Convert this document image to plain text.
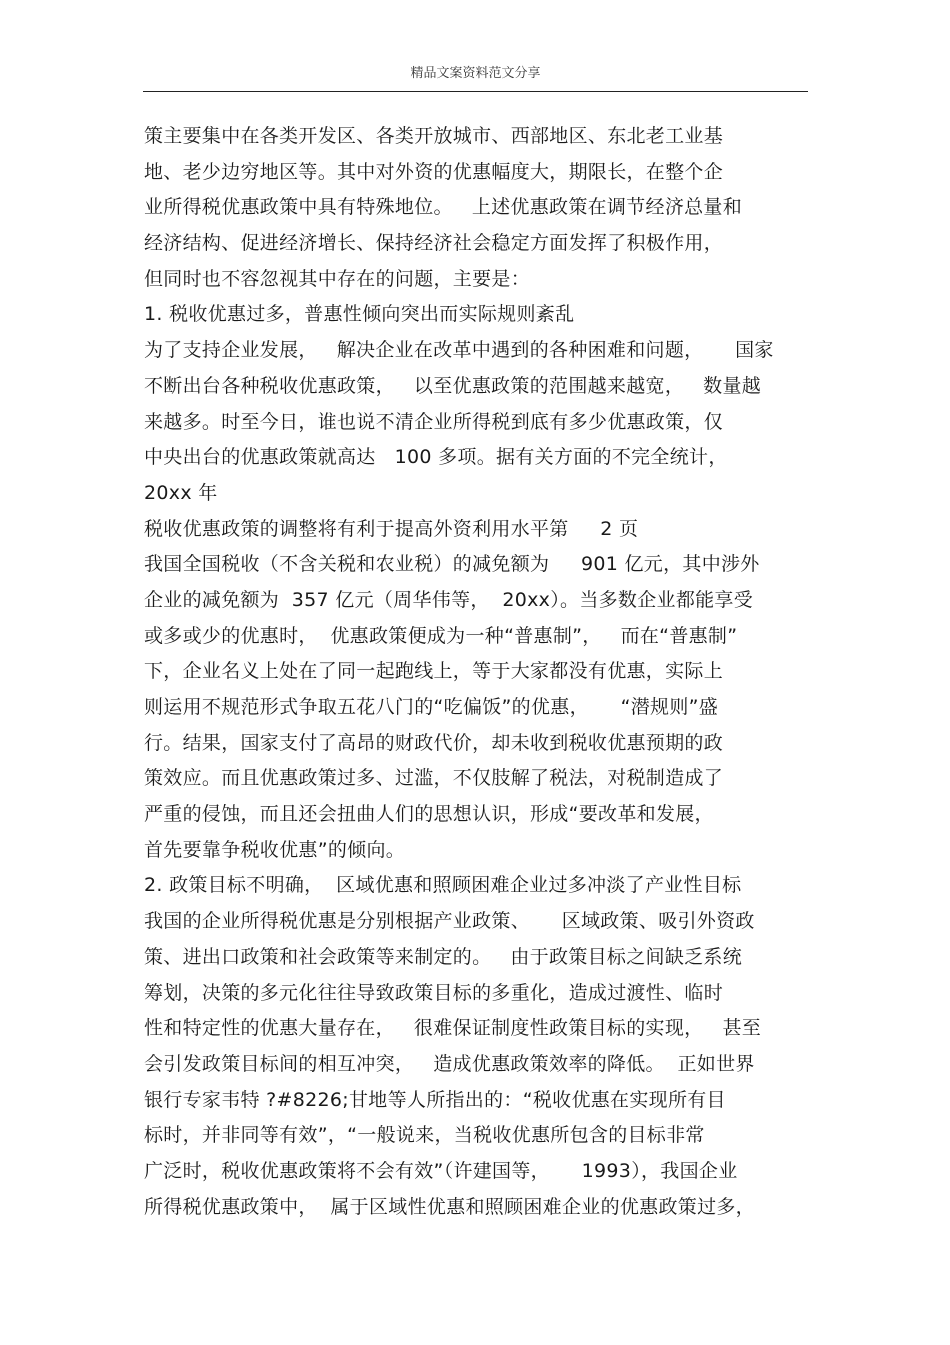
精品文案资料范文分享
策主要集中在各类开发区、各类开放城市、西部地区、东北老工业基
地、老少边穷地区等。其中对外资的优惠幅度大，期限长，在整个企
业所得税优惠政策中具有特殊地位。   上述优惠政策在调节经济总量和
经济结构、促进经济增长、保持经济社会稳定方面发挥了积极作用，
但同时也不容忽视其中存在的问题，主要是：
1. 税收优惠过多，普惠性倾向突出而实际规则紊乱
为了支持企业发展，   解决企业在改革中遇到的各种困难和问题，     国家
不断出台各种税收优惠政策，   以至优惠政策的范围越来越宽，   数量越
来越多。时至今日，谁也说不清企业所得税到底有多少优惠政策，仅
中央出台的优惠政策就高达   100 多项。据有关方面的不完全统计，
20xx 年
税收优惠政策的调整将有利于提高外资利用水平第     2 页
我国全国税收（不含关税和农业税）的减免额为     901 亿元，其中涉外
企业的减免额为  357 亿元（周华伟等，  20xx）。当多数企业都能享受
或多或少的优惠时，  优惠政策便成为一种“普惠制”，   而在“普惠制”
下，企业名义上处在了同一起跑线上，等于大家都没有优惠，实际上
则运用不规范形式争取五花八门的“吃偏饭”的优惠，     “潜规则”盛
行。结果，国家支付了高昂的财政代价，却未收到税收优惠预期的政
策效应。而且优惠政策过多、过滥，不仅肢解了税法，对税制造成了
严重的侵蚀，而且还会扭曲人们的思想认识，形成“要改革和发展，
首先要靠争税收优惠”的倾向。
2. 政策目标不明确，  区域优惠和照顾困难企业过多冲淡了产业性目标
我国的企业所得税优惠是分别根据产业政策、     区域政策、吸引外资政
策、进出口政策和社会政策等来制定的。   由于政策目标之间缺乏系统
筹划，决策的多元化往往导致政策目标的多重化，造成过渡性、临时
性和特定性的优惠大量存在，   很难保证制度性政策目标的实现，   甚至
会引发政策目标间的相互冲突，   造成优惠政策效率的降低。  正如世界
银行专家韦特 ?#8226;甘地等人所指出的：“税收优惠在实现所有目
标时，并非同等有效”，“一般说来，当税收优惠所包含的目标非常
广泛时，税收优惠政策将不会有效”（许建国等，     1993），我国企业
所得税优惠政策中，  属于区域性优惠和照顾困难企业的优惠政策过多，
